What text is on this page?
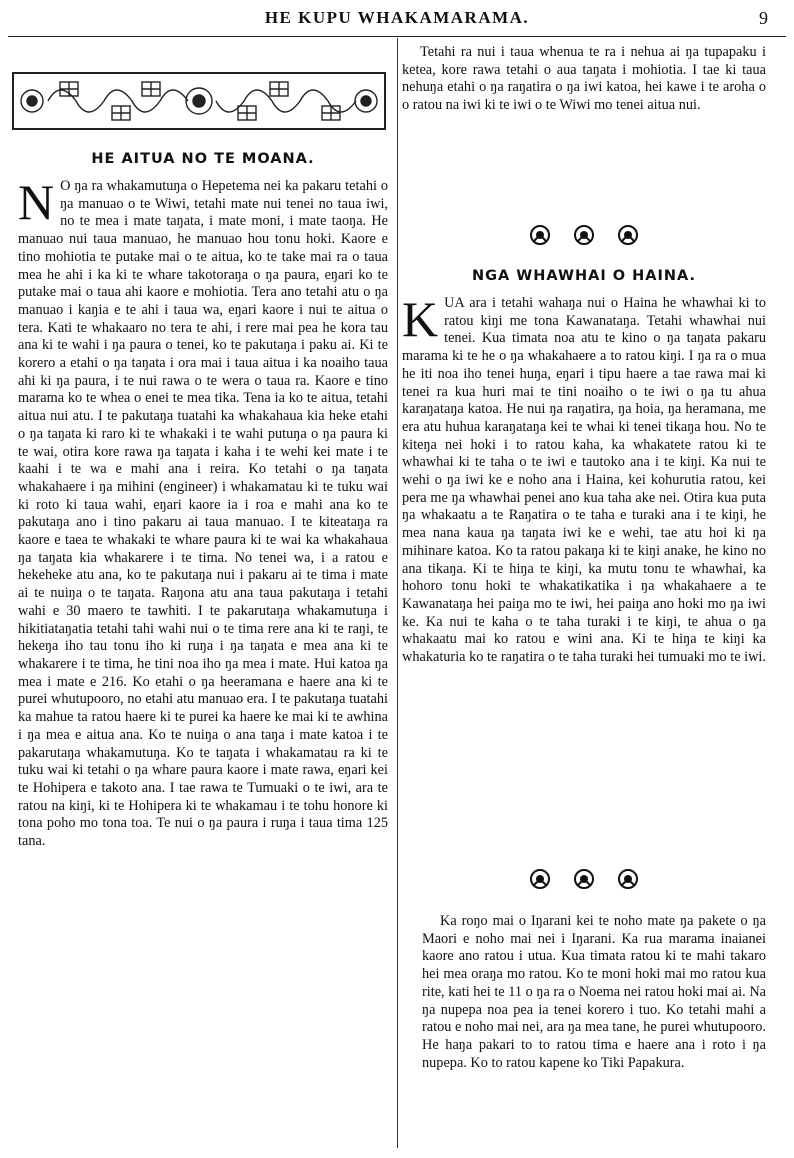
HE KUPU WHAKAMARAMA.	9
HE AITUA NO TE MOANA.

N O ŋa ra whakamutuŋa o Hepetema nei ka pakaru tetahi o ŋa manuao o te Wiwi, tetahi mate nui tenei no taua iwi, no te mea i mate taŋata, i mate moni, i mate taoŋa. He manuao nui taua manuao, he manuao hou tonu hoki. Kaore e tino mohiotia te putake mai o te aitua, ko te take mai ra o taua mea he ahi i ka ki te whare takotoraŋa o ŋa paura, eŋari ko te putake mai o taua ahi kaore e mohiotia. Tera ano tetahi atu o ŋa manuao i kaŋia e te ahi i taua wa, eŋari kaore i nui te aitua o tera. Kati te whakaaro no tera te ahi, i rere mai pea he kora tau ana ki te wahi i ŋa paura o tenei, ko te pakutaŋa i paku ai. Ki te korero a etahi o ŋa taŋata i ora mai i taua aitua i ka noaiho taua ahi ki ŋa paura, i te nui rawa o te wera o taua ra. Kaore e tino marama ko te whea o enei te mea tika. Tena ia ko te aitua, tetahi aitua nui atu. I te pakutaŋa tuatahi ka whakahaua kia heke etahi o ŋa taŋata ki raro ki te whakaki i te wahi putuŋa o ŋa paura ki te wai, otira kore rawa ŋa taŋata i kaha i te wehi kei mate i te kaahi i te wa e mahi ana i reira. Ko tetahi o ŋa taŋata whakahaere i ŋa mihini (engineer) i whakamatau ki te tuku wai ki roto ki taua wahi, eŋari kaore ia i roa e mahi ana ko te pakutaŋa ano i tino pakaru ai taua manuao. I te kiteataŋa ra kaore e taea te whakaki te whare paura ki te wai ka whakahaua ŋa taŋata kia whakarere i te tima. No tenei wa, i a ratou e hekeheke atu ana, ko te pakutaŋa nui i pakaru ai te tima i mate ai te nuiŋa o te taŋata. Raŋona atu ana taua pakutaŋa i tetahi wahi e 30 maero te tawhiti. I te pakarutaŋa whakamutuŋa i hikitiataŋatia tetahi tahi wahi nui o te tima rere ana ki te raŋi, te hekeŋa iho tau tonu iho ki ruŋa i ŋa taŋata e mea ana ki te whakarere i te tima, he tini noa iho ŋa mea i mate. Hui katoa ŋa mea i mate e 216. Ko etahi o ŋa heeramana e haere ana ki te purei whutupooro, no etahi atu manuao era. I te pakutaŋa tuatahi ka mahue ta ratou haere ki te purei ka haere ke mai ki te awhina i ŋa mea e aitua ana. Ko te nuiŋa o ana taŋa i mate katoa i te pakarutaŋa whakamutuŋa. Ko te taŋata i whakamatau ra ki te tuku wai ki tetahi o ŋa whare paura kaore i mate rawa, eŋari kei te Hohipera e takoto ana. I tae rawa te Tumuaki o te iwi, ara te ratou na kiŋi, ki te Hohipera ki te whakamau i te tohu honore ki tona poho mo tona toa. Te nui o ŋa paura i ruŋa i taua tima 125 tana.

Tetahi ra nui i taua whenua te ra i nehua ai ŋa tupapaku i ketea, kore rawa tetahi o aua taŋata i mohiotia. I tae ki taua nehuŋa etahi o ŋa raŋatira o ŋa iwi katoa, hei kawe i te aroha o o ratou na iwi ki te iwi o te Wiwi mo tenei aitua nui.

NGA WHAWHAI O HAINA.

K UA ara i tetahi wahaŋa nui o Haina he whawhai ki to ratou kiŋi me tona Kawanataŋa. Tetahi whawhai nui tenei. Kua timata noa atu te kino o ŋa taŋata pakaru marama ki te he o ŋa whakahaere a to ratou kiŋi. I ŋa ra o mua he iti noa iho tenei huŋa, eŋari i tipu haere a tae rawa mai ki tenei ra kua huri mai te tini noaiho o te iwi o ŋa tu ahua karaŋataŋa katoa. He nui ŋa raŋatira, ŋa hoia, ŋa heramana, me era atu huhua karaŋataŋa kei te whai ki tenei tikaŋa hou. No te kiteŋa nei hoki i to ratou kaha, ka whakatete ratou ki te whawhai ki te taha o te iwi e tautoko ana i te kiŋi. Ka nui te wehi o ŋa iwi ke e noho ana i Haina, kei kohurutia ratou, kei pera me ŋa whawhai penei ano kua taha ake nei. Otira kua puta ŋa whakaatu a te Raŋatira o te taha e turaki ana i te kiŋi, he mea nana kaua ŋa taŋata iwi ke e wehi, tae atu hoi ki ŋa mihinare katoa. Ko ta ratou pakaŋa ki te kiŋi anake, he kino no ana tikaŋa. Ki te hiŋa te kiŋi, ka mutu tonu te whawhai, ka hohoro tonu hoki te whakatikatika i ŋa whakahaere a te Kawanataŋa hei paiŋa mo te iwi, hei paiŋa ano hoki mo ŋa iwi ke. Ka nui te kaha o te taha turaki i te kiŋi, te ahua o ŋa whakaatu mai ko ratou e wini ana. Ki te hiŋa te kiŋi ka whakaturia ko te raŋatira o te taha turaki hei tumuaki mo te iwi.

Ka roŋo mai o Iŋarani kei te noho mate ŋa pakete o ŋa Maori e noho mai nei i Iŋarani. Ka rua marama inaianei kaore ano ratou i utua. Kua timata ratou ki te mahi takaro hei mea oraŋa mo ratou. Ko te moni hoki mai mo ratou kua rite, kati hei te 11 o ŋa ra o Noema nei ratou hoki mai ai. Na ŋa nupepa noa pea ia tenei korero i tuo. Ko tetahi mahi a ratou e noho mai nei, ara ŋa mea tane, he purei whutupooro. He haŋa pakari to to ratou tima e haere ana i roto i ŋa nupepa. Ko to ratou kapene ko Tiki Papakura.
